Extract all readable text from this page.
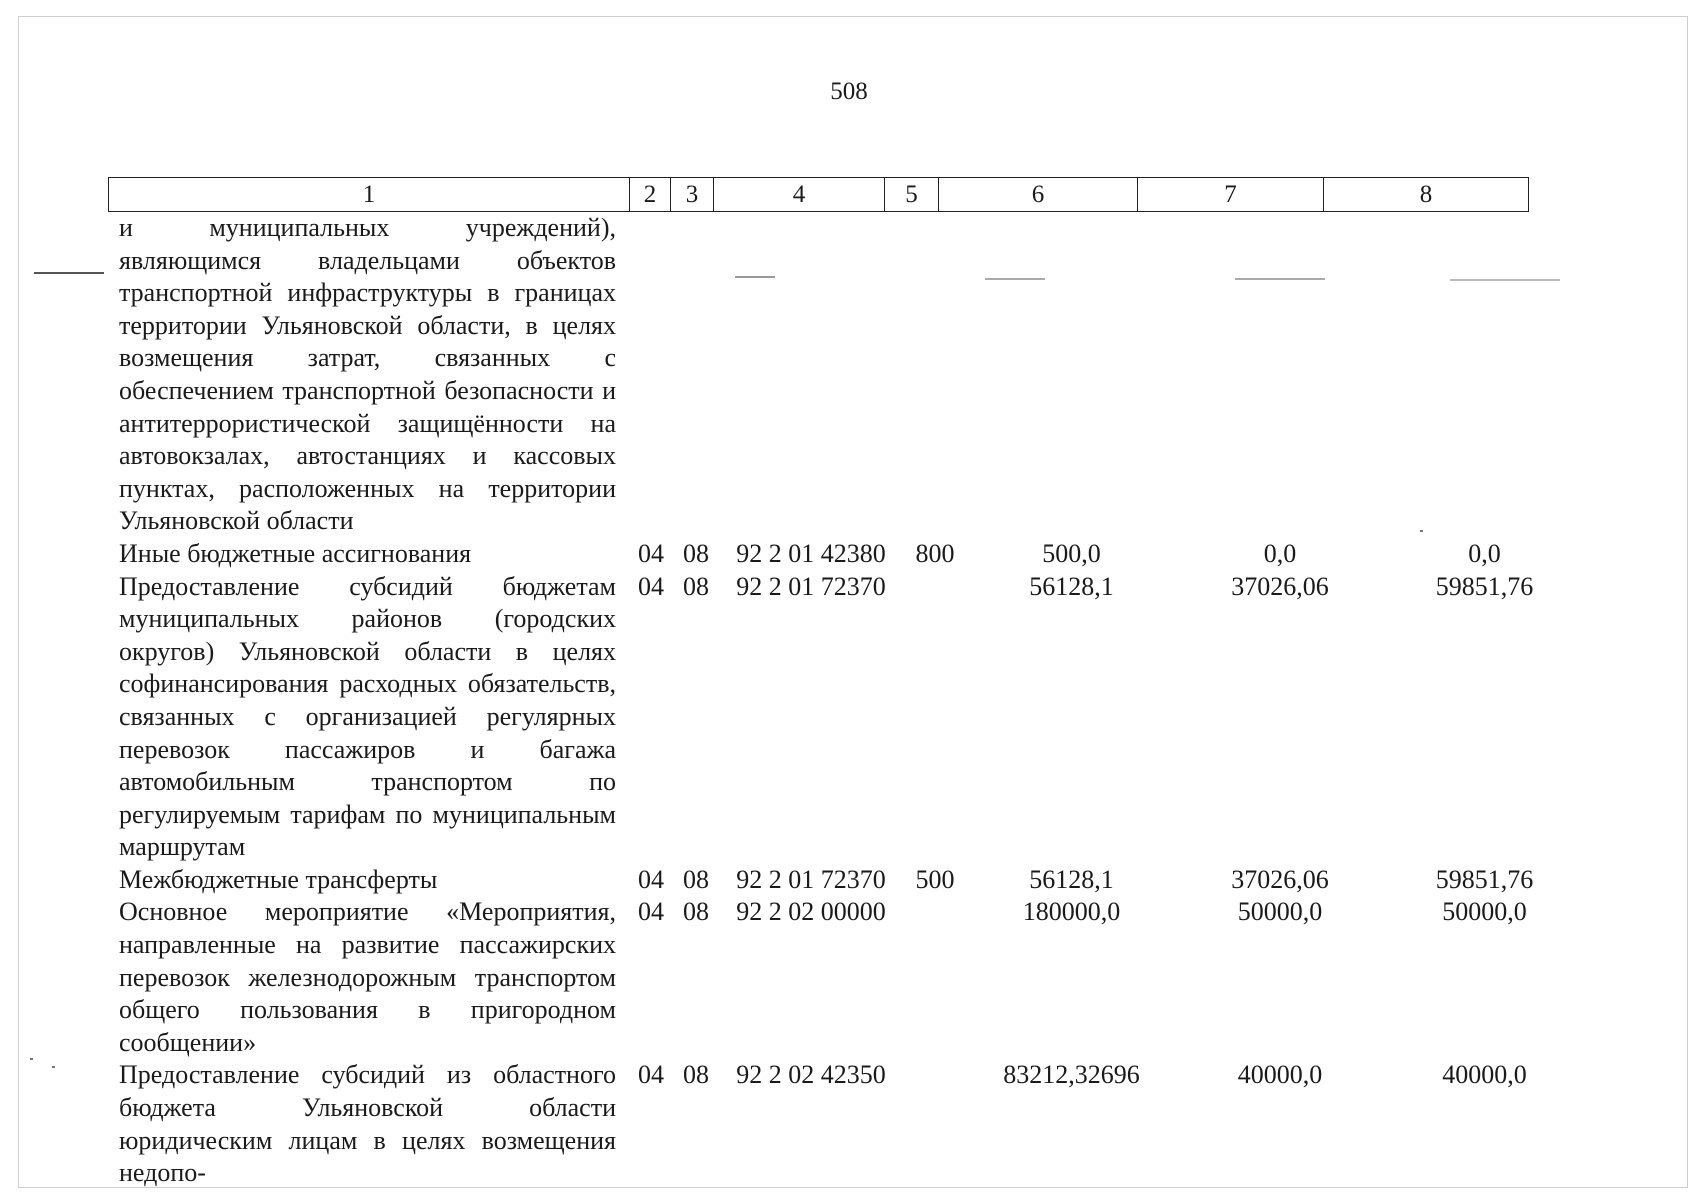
508
1	2	3	4	5	6	7	8
и муниципальных учреждений), являющимся владельцами объектов транспортной инфраструктуры в границах территории Ульяновской области, в целях возмещения затрат, связанных с обеспечением транспортной безопасности и антитеррористической защищённости на автовокзалах, автостанциях и кассовых пунктах, расположенных на территории Ульяновской области							
Иные бюджетные ассигнования	04	08	92 2 01 42380	800	500,0	0,0	0,0
Предоставление субсидий бюджетам муниципальных районов (городских округов) Ульяновской области в целях софинансирования расходных обязательств, связанных с организацией регулярных перевозок пассажиров и багажа автомобильным транспортом по регулируемым тарифам по муниципальным маршрутам	04	08	92 2 01 72370		56128,1	37026,06	59851,76
Межбюджетные трансферты	04	08	92 2 01 72370	500	56128,1	37026,06	59851,76
Основное мероприятие «Мероприятия, направленные на развитие пассажирских перевозок железнодорожным транспортом общего пользования в пригородном сообщении»	04	08	92 2 02 00000		180000,0	50000,0	50000,0
Предоставление субсидий из областного бюджета Ульяновской области юридическим лицам в целях возмещения недопо-	04	08	92 2 02 42350		83212,32696	40000,0	40000,0
